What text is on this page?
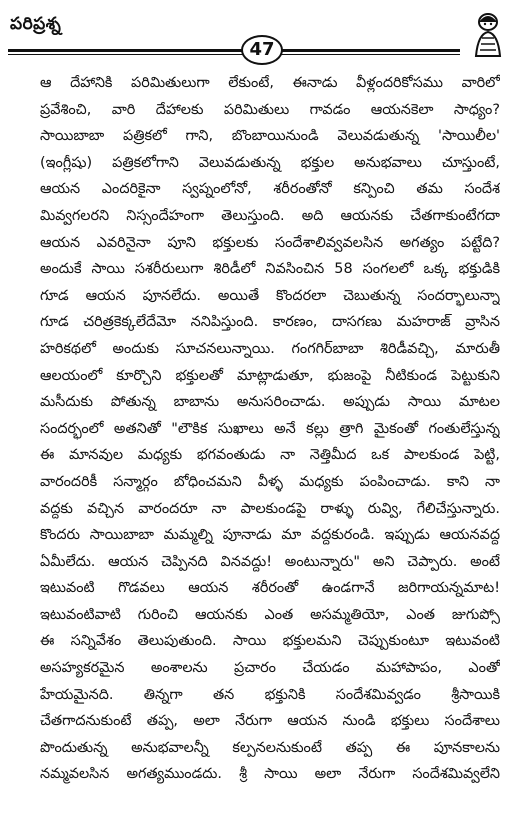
పరిప్రశ్న
47
ఆ దేహానికి పరిమితులుగా లేకుంటే, ఈనాడు వీళ్లందరికోసము వారిలో
ప్రవేశించి, వారి దేహాలకు పరిమితులు గావడం ఆయనకెలా సాధ్యం?
సాయిబాబా పత్రికలో గాని, బొంబాయినుండి వెలువడుతున్న 'సాయిలీల'
(ఇంగ్లీషు) పత్రికలోగాని వెలువడుతున్న భక్తుల అనుభవాలు చూస్తుంటే,
ఆయన ఎందరికైనా స్వప్నంలోనో, శరీరంతోనో కన్పించి తమ సందేశ
మివ్వగలరని నిస్సందేహంగా తెలుస్తుంది. అది ఆయనకు చేతగాకుంటేగదా
ఆయన ఎవరినైనా పూని భక్తులకు సందేశాలివ్వవలసిన అగత్యం పట్టేది?
అందుకే సాయి సశరీరులుగా శిరిడీలో నివసించిన 58 సంగలలో ఒక్క భక్తుడికి
గూడ ఆయన పూనలేదు. అయితే కొందరలా చెబుతున్న సందర్భాలున్నా
గూడ చరిత్రకెక్కలేదేమో ననిపిస్తుంది. కారణం, దాసగణు మహరాజ్ వ్రాసిన
హరికథలో అందుకు సూచనలున్నాయి. గంగగిర్‌బాబా శిరిడీవచ్చి, మారుతీ
ఆలయంలో కూర్చొని భక్తులతో మాట్లాడుతూ, భుజంపై నీటికుండ పెట్టుకుని
మసీదుకు పోతున్న బాబాను అనుసరించాడు. అప్పుడు సాయి మాటల
సందర్భంలో అతనితో "లౌకిక సుఖాలు అనే కల్లు త్రాగి మైకంతో గంతులేస్తున్న
ఈ మానవుల మధ్యకు భగవంతుడు నా నెత్తిమీద ఒక పాలకుండ పెట్టి,
వారందరికీ సన్మార్గం బోధించమని వీళ్ళ మధ్యకు పంపించాడు. కాని నా
వద్దకు వచ్చిన వారందరూ నా పాలకుండపై రాళ్ళు రువ్వి, గేలిచేస్తున్నారు.
కొందరు సాయిబాబా మమ్మల్ని పూనాడు మా వద్దకురండి. ఇప్పుడు ఆయనవద్ద
ఏమీలేదు. ఆయన చెప్పినది వినవద్దు! అంటున్నారు" అని చెప్పారు. అంటే
ఇటువంటి గొడవలు ఆయన శరీరంతో ఉండగానే జరిగాయన్నమాట!
ఇటువంటివాటి గురించి ఆయనకు ఎంత అసమ్మతియో, ఎంత జుగుప్సో
ఈ సన్నివేశం తెలుపుతుంది. సాయి భక్తులమని చెప్పుకుంటూ ఇటువంటి
అసహ్యకరమైన అంశాలను ప్రచారం చేయడం మహాపాపం, ఎంతో
హేయమైనది. తిన్నగా తన భక్తునికి సందేశమివ్వడం శ్రీసాయికి
చేతగాదనుకుంటే తప్ప, అలా నేరుగా ఆయన నుండి భక్తులు సందేశాలు
పొందుతున్న అనుభవాలన్నీ కల్పనలనుకుంటే తప్ప ఈ పూనకాలను
నమ్మవలసిన అగత్యముండదు. శ్రీ సాయి అలా నేరుగా సందేశమివ్వలేని
